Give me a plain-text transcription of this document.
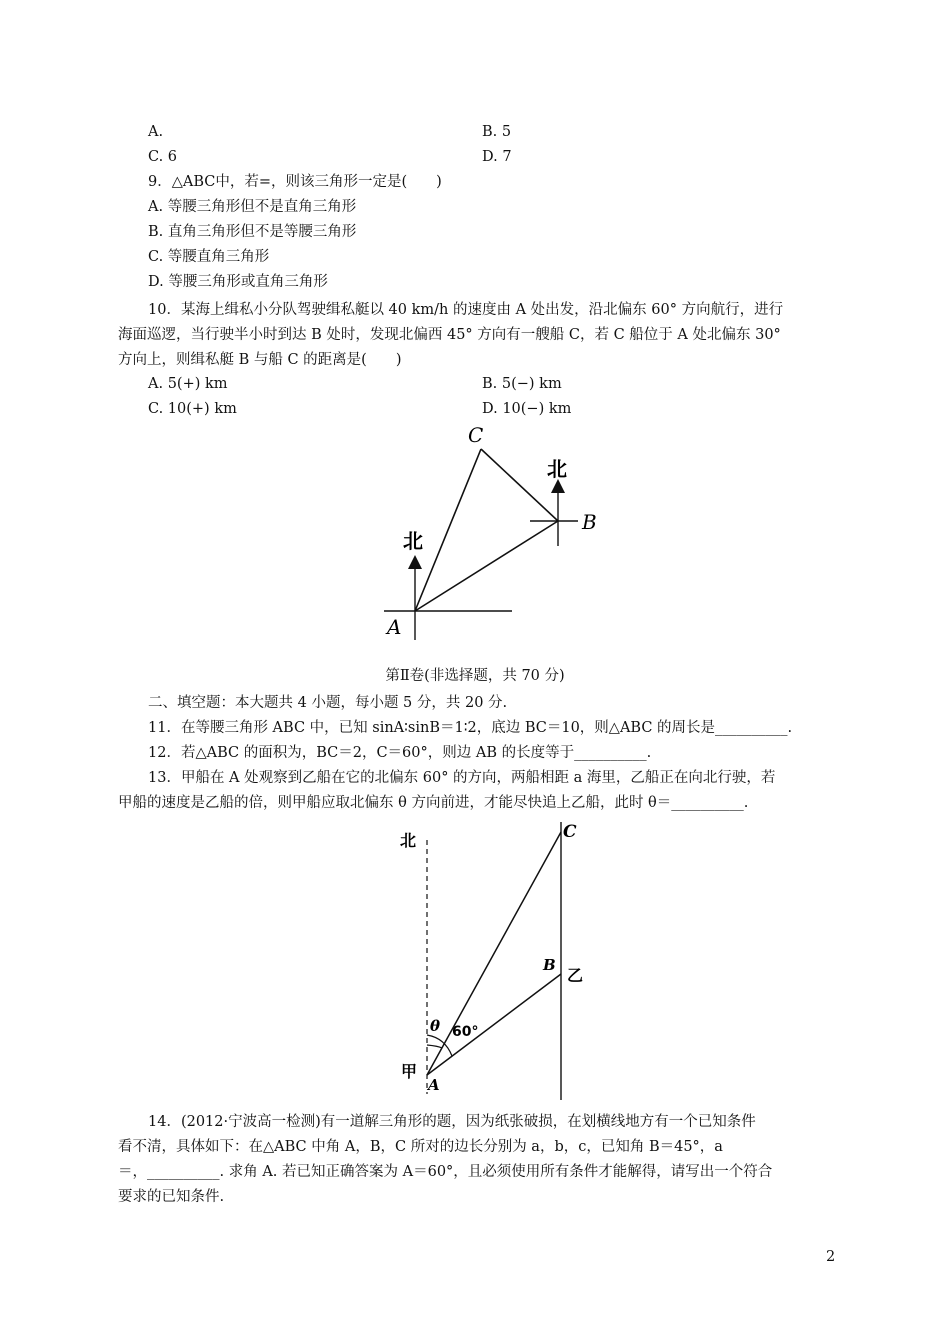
A.	B. 5
C. 6	D. 7
9．△ABC中，若=，则该三角形一定是(　　)
A. 等腰三角形但不是直角三角形
B. 直角三角形但不是等腰三角形
C. 等腰直角三角形
D. 等腰三角形或直角三角形
10．某海上缉私小分队驾驶缉私艇以 40 km/h 的速度由 A 处出发，沿北偏东 60° 方向航行，进行
海面巡逻，当行驶半小时到达 B 处时，发现北偏西 45° 方向有一艘船 C，若 C 船位于 A 处北偏东 30°
方向上，则缉私艇 B 与船 C 的距离是(　　)
A. 5(+) km	B. 5(−) km
C. 10(+) km	D. 10(−) km
C
B
A
北
北
第Ⅱ卷(非选择题，共 70 分)
二、填空题：本大题共 4 小题，每小题 5 分，共 20 分.
11．在等腰三角形 ABC 中，已知 sinA∶sinB＝1∶2，底边 BC＝10，则△ABC 的周长是__________.
12．若△ABC 的面积为，BC＝2，C＝60°，则边 AB 的长度等于__________.
13．甲船在 A 处观察到乙船在它的北偏东 60° 的方向，两船相距 a 海里，乙船正在向北行驶，若
甲船的速度是乙船的倍，则甲船应取北偏东 θ 方向前进，才能尽快追上乙船，此时 θ＝__________.
北	C
B
乙
θ 60°
甲
A
14．(2012·宁波高一检测)有一道解三角形的题，因为纸张破损，在划横线地方有一个已知条件
看不清，具体如下：在△ABC 中角 A，B，C 所对的边长分别为 a，b，c，已知角 B＝45°，a
＝，__________. 求角 A. 若已知正确答案为 A＝60°，且必须使用所有条件才能解得，请写出一个符合
要求的已知条件.
2
